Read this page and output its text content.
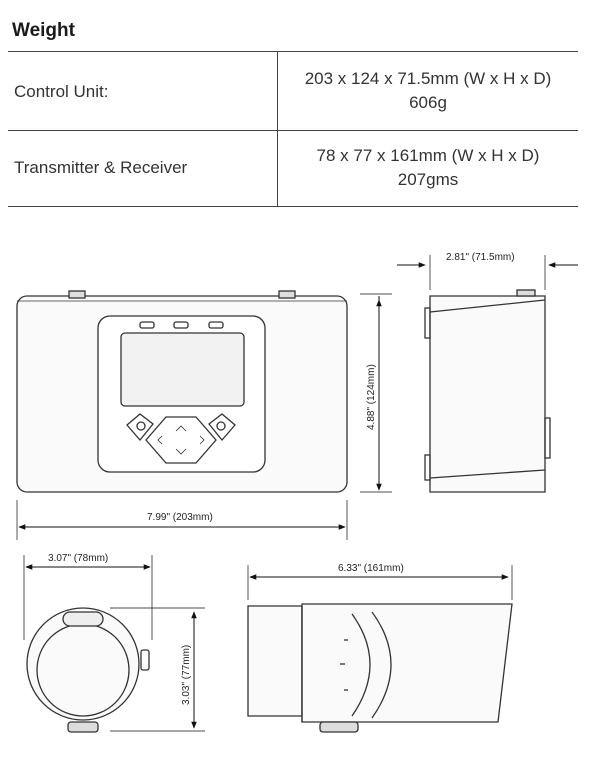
Weight
Control Unit:
203 x 124 x 71.5mm (W x H x D)
606g
Transmitter & Receiver
78 x 77 x 161mm (W x H x D)
207gms
2.81" (71.5mm)
4.88" (124mm)
7.99" (203mm)
3.07" (78mm)
3.03" (77mm)
6.33" (161mm)
